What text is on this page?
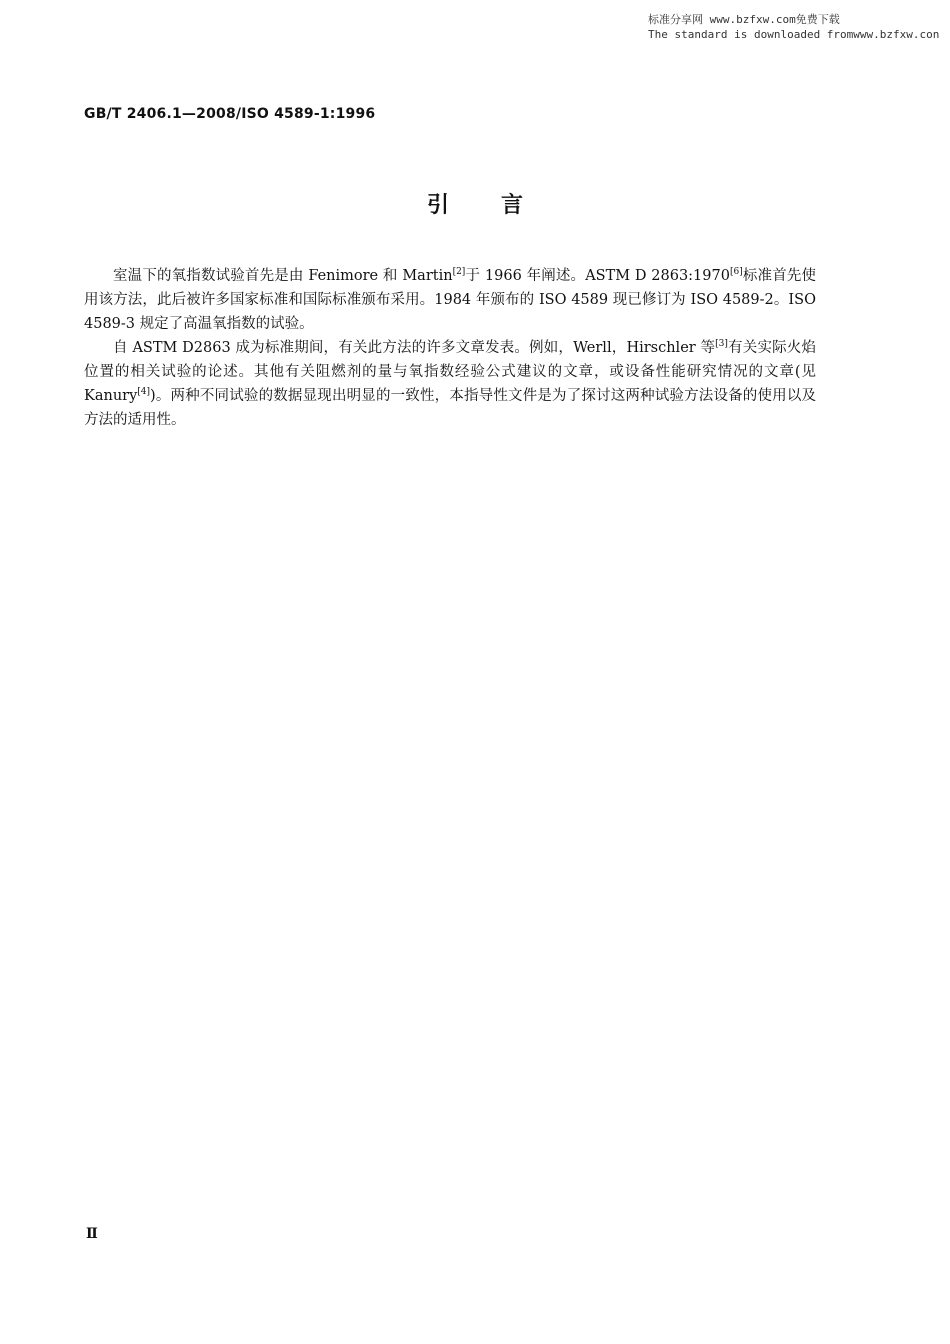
标准分享网 www.bzfxw.com免费下载
The standard is downloaded fromwww.bzfxw.con
GB/T 2406.1—2008/ISO 4589-1:1996
引言

室温下的氧指数试验首先是由 Fenimore 和 Martin[2]于 1966 年阐述。ASTM D 2863:1970[6]标准首先使用该方法，此后被许多国家标准和国际标准颁布采用。1984 年颁布的 ISO 4589 现已修订为 ISO 4589-2。ISO 4589-3 规定了高温氧指数的试验。

自 ASTM D2863 成为标准期间，有关此方法的许多文章发表。例如，Werll，Hirschler 等[3]有关实际火焰位置的相关试验的论述。其他有关阻燃剂的量与氧指数经验公式建议的文章，或设备性能研究情况的文章(见 Kanury[4])。两种不同试验的数据显现出明显的一致性，本指导性文件是为了探讨这两种试验方法设备的使用以及方法的适用性。

Ⅱ
